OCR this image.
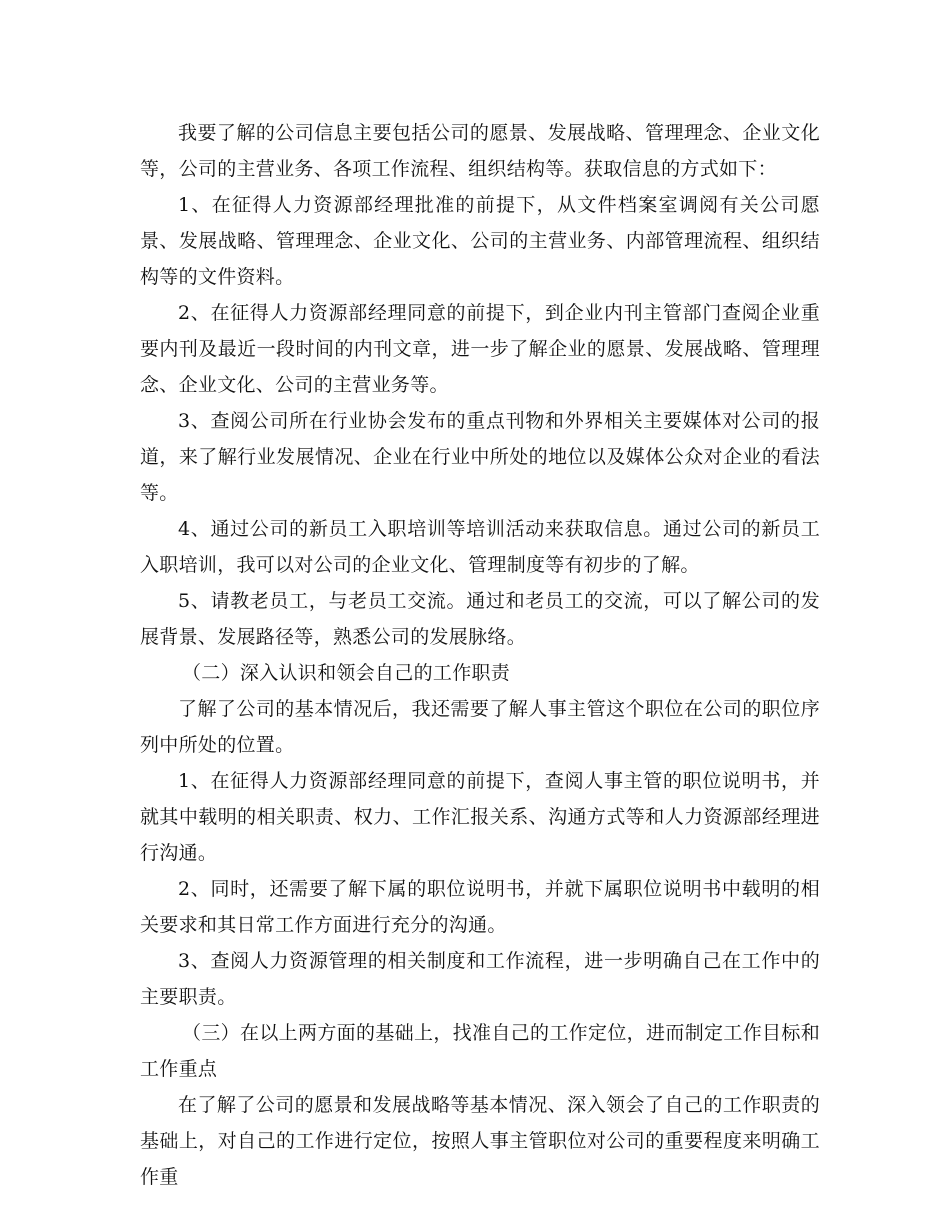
我要了解的公司信息主要包括公司的愿景、发展战略、管理理念、企业文化等，公司的主营业务、各项工作流程、组织结构等。获取信息的方式如下：

1、在征得人力资源部经理批准的前提下，从文件档案室调阅有关公司愿景、发展战略、管理理念、企业文化、公司的主营业务、内部管理流程、组织结构等的文件资料。

2、在征得人力资源部经理同意的前提下，到企业内刊主管部门查阅企业重要内刊及最近一段时间的内刊文章，进一步了解企业的愿景、发展战略、管理理念、企业文化、公司的主营业务等。

3、查阅公司所在行业协会发布的重点刊物和外界相关主要媒体对公司的报道，来了解行业发展情况、企业在行业中所处的地位以及媒体公众对企业的看法等。

4、通过公司的新员工入职培训等培训活动来获取信息。通过公司的新员工入职培训，我可以对公司的企业文化、管理制度等有初步的了解。

5、请教老员工，与老员工交流。通过和老员工的交流，可以了解公司的发展背景、发展路径等，熟悉公司的发展脉络。

（二）深入认识和领会自己的工作职责

了解了公司的基本情况后，我还需要了解人事主管这个职位在公司的职位序列中所处的位置。

1、在征得人力资源部经理同意的前提下，查阅人事主管的职位说明书，并就其中载明的相关职责、权力、工作汇报关系、沟通方式等和人力资源部经理进行沟通。

2、同时，还需要了解下属的职位说明书，并就下属职位说明书中载明的相关要求和其日常工作方面进行充分的沟通。

3、查阅人力资源管理的相关制度和工作流程，进一步明确自己在工作中的主要职责。

（三）在以上两方面的基础上，找准自己的工作定位，进而制定工作目标和工作重点

在了解了公司的愿景和发展战略等基本情况、深入领会了自己的工作职责的基础上，对自己的工作进行定位，按照人事主管职位对公司的重要程度来明确工作重
